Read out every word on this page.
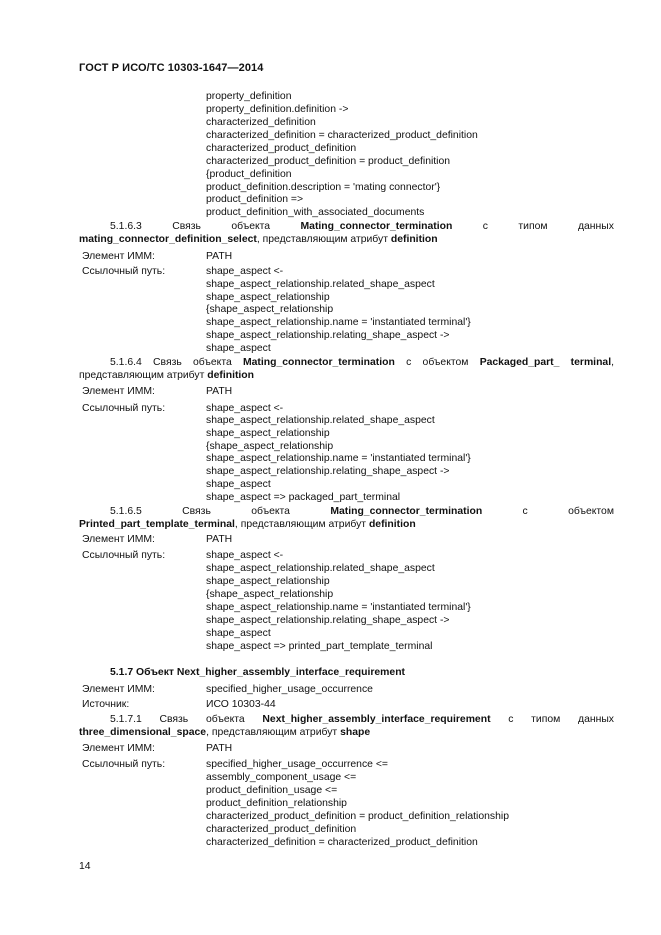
ГОСТ Р ИСО/ТС 10303-1647—2014
property_definition
property_definition.definition ->
characterized_definition
characterized_definition = characterized_product_definition
characterized_product_definition
characterized_product_definition = product_definition
{product_definition
product_definition.description = 'mating connector'}
product_definition =>
product_definition_with_associated_documents
5.1.6.3	Связь	объекта	Mating_connector_termination	с	типом	данных
mating_connector_definition_select, представляющим атрибут definition
Элемент ИММ:	PATH
Ссылочный путь:	shape_aspect <-
shape_aspect_relationship.related_shape_aspect
shape_aspect_relationship
{shape_aspect_relationship
shape_aspect_relationship.name = 'instantiated terminal'}
shape_aspect_relationship.relating_shape_aspect ->
shape_aspect
5.1.6.4 Связь объекта Mating_connector_termination с объектом Packaged_part_ terminal,
представляющим атрибут definition
Элемент ИММ:	PATH
Ссылочный путь:	shape_aspect <-
shape_aspect_relationship.related_shape_aspect
shape_aspect_relationship
{shape_aspect_relationship
shape_aspect_relationship.name = 'instantiated terminal'}
shape_aspect_relationship.relating_shape_aspect ->
shape_aspect
shape_aspect => packaged_part_terminal
5.1.6.5	Связь	объекта	Mating_connector_termination	с	объектом
Printed_part_template_terminal, представляющим атрибут definition
Элемент ИММ:	PATH
Ссылочный путь:	shape_aspect <-
shape_aspect_relationship.related_shape_aspect
shape_aspect_relationship
{shape_aspect_relationship
shape_aspect_relationship.name = 'instantiated terminal'}
shape_aspect_relationship.relating_shape_aspect ->
shape_aspect
shape_aspect => printed_part_template_terminal
5.1.7 Объект Next_higher_assembly_interface_requirement
Элемент ИММ:	specified_higher_usage_occurrence
Источник:	ИСО 10303-44
5.1.7.1 Связь объекта Next_higher_assembly_interface_requirement с типом данных
three_dimensional_space, представляющим атрибут shape
Элемент ИММ:	PATH
Ссылочный путь:	specified_higher_usage_occurrence <=
assembly_component_usage <=
product_definition_usage <=
product_definition_relationship
characterized_product_definition = product_definition_relationship
characterized_product_definition
characterized_definition = characterized_product_definition
14
